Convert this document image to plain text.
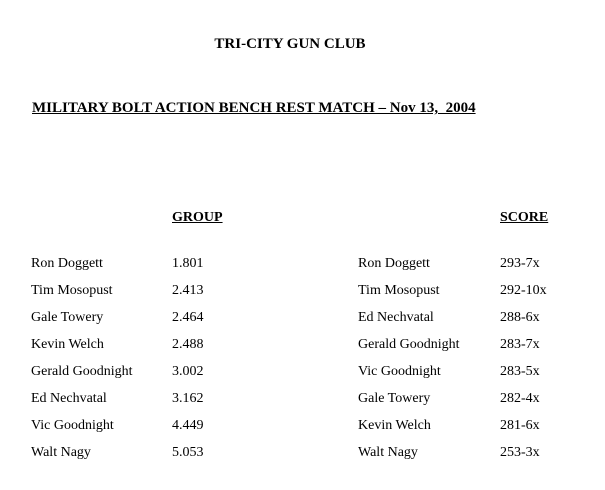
TRI-CITY GUN CLUB
MILITARY BOLT ACTION BENCH REST MATCH – Nov 13,  2004
GROUP	SCORE
Ron Doggett
Tim Mosopust
Gale Towery
Kevin Welch
Gerald Goodnight
Ed Nechvatal
Vic Goodnight
Walt Nagy
1.801
2.413
2.464
2.488
3.002
3.162
4.449
5.053
Ron Doggett
Tim Mosopust
Ed Nechvatal
Gerald Goodnight
Vic Goodnight
Gale Towery
Kevin Welch
Walt Nagy
293-7x
292-10x
288-6x
283-7x
283-5x
282-4x
281-6x
253-3x
